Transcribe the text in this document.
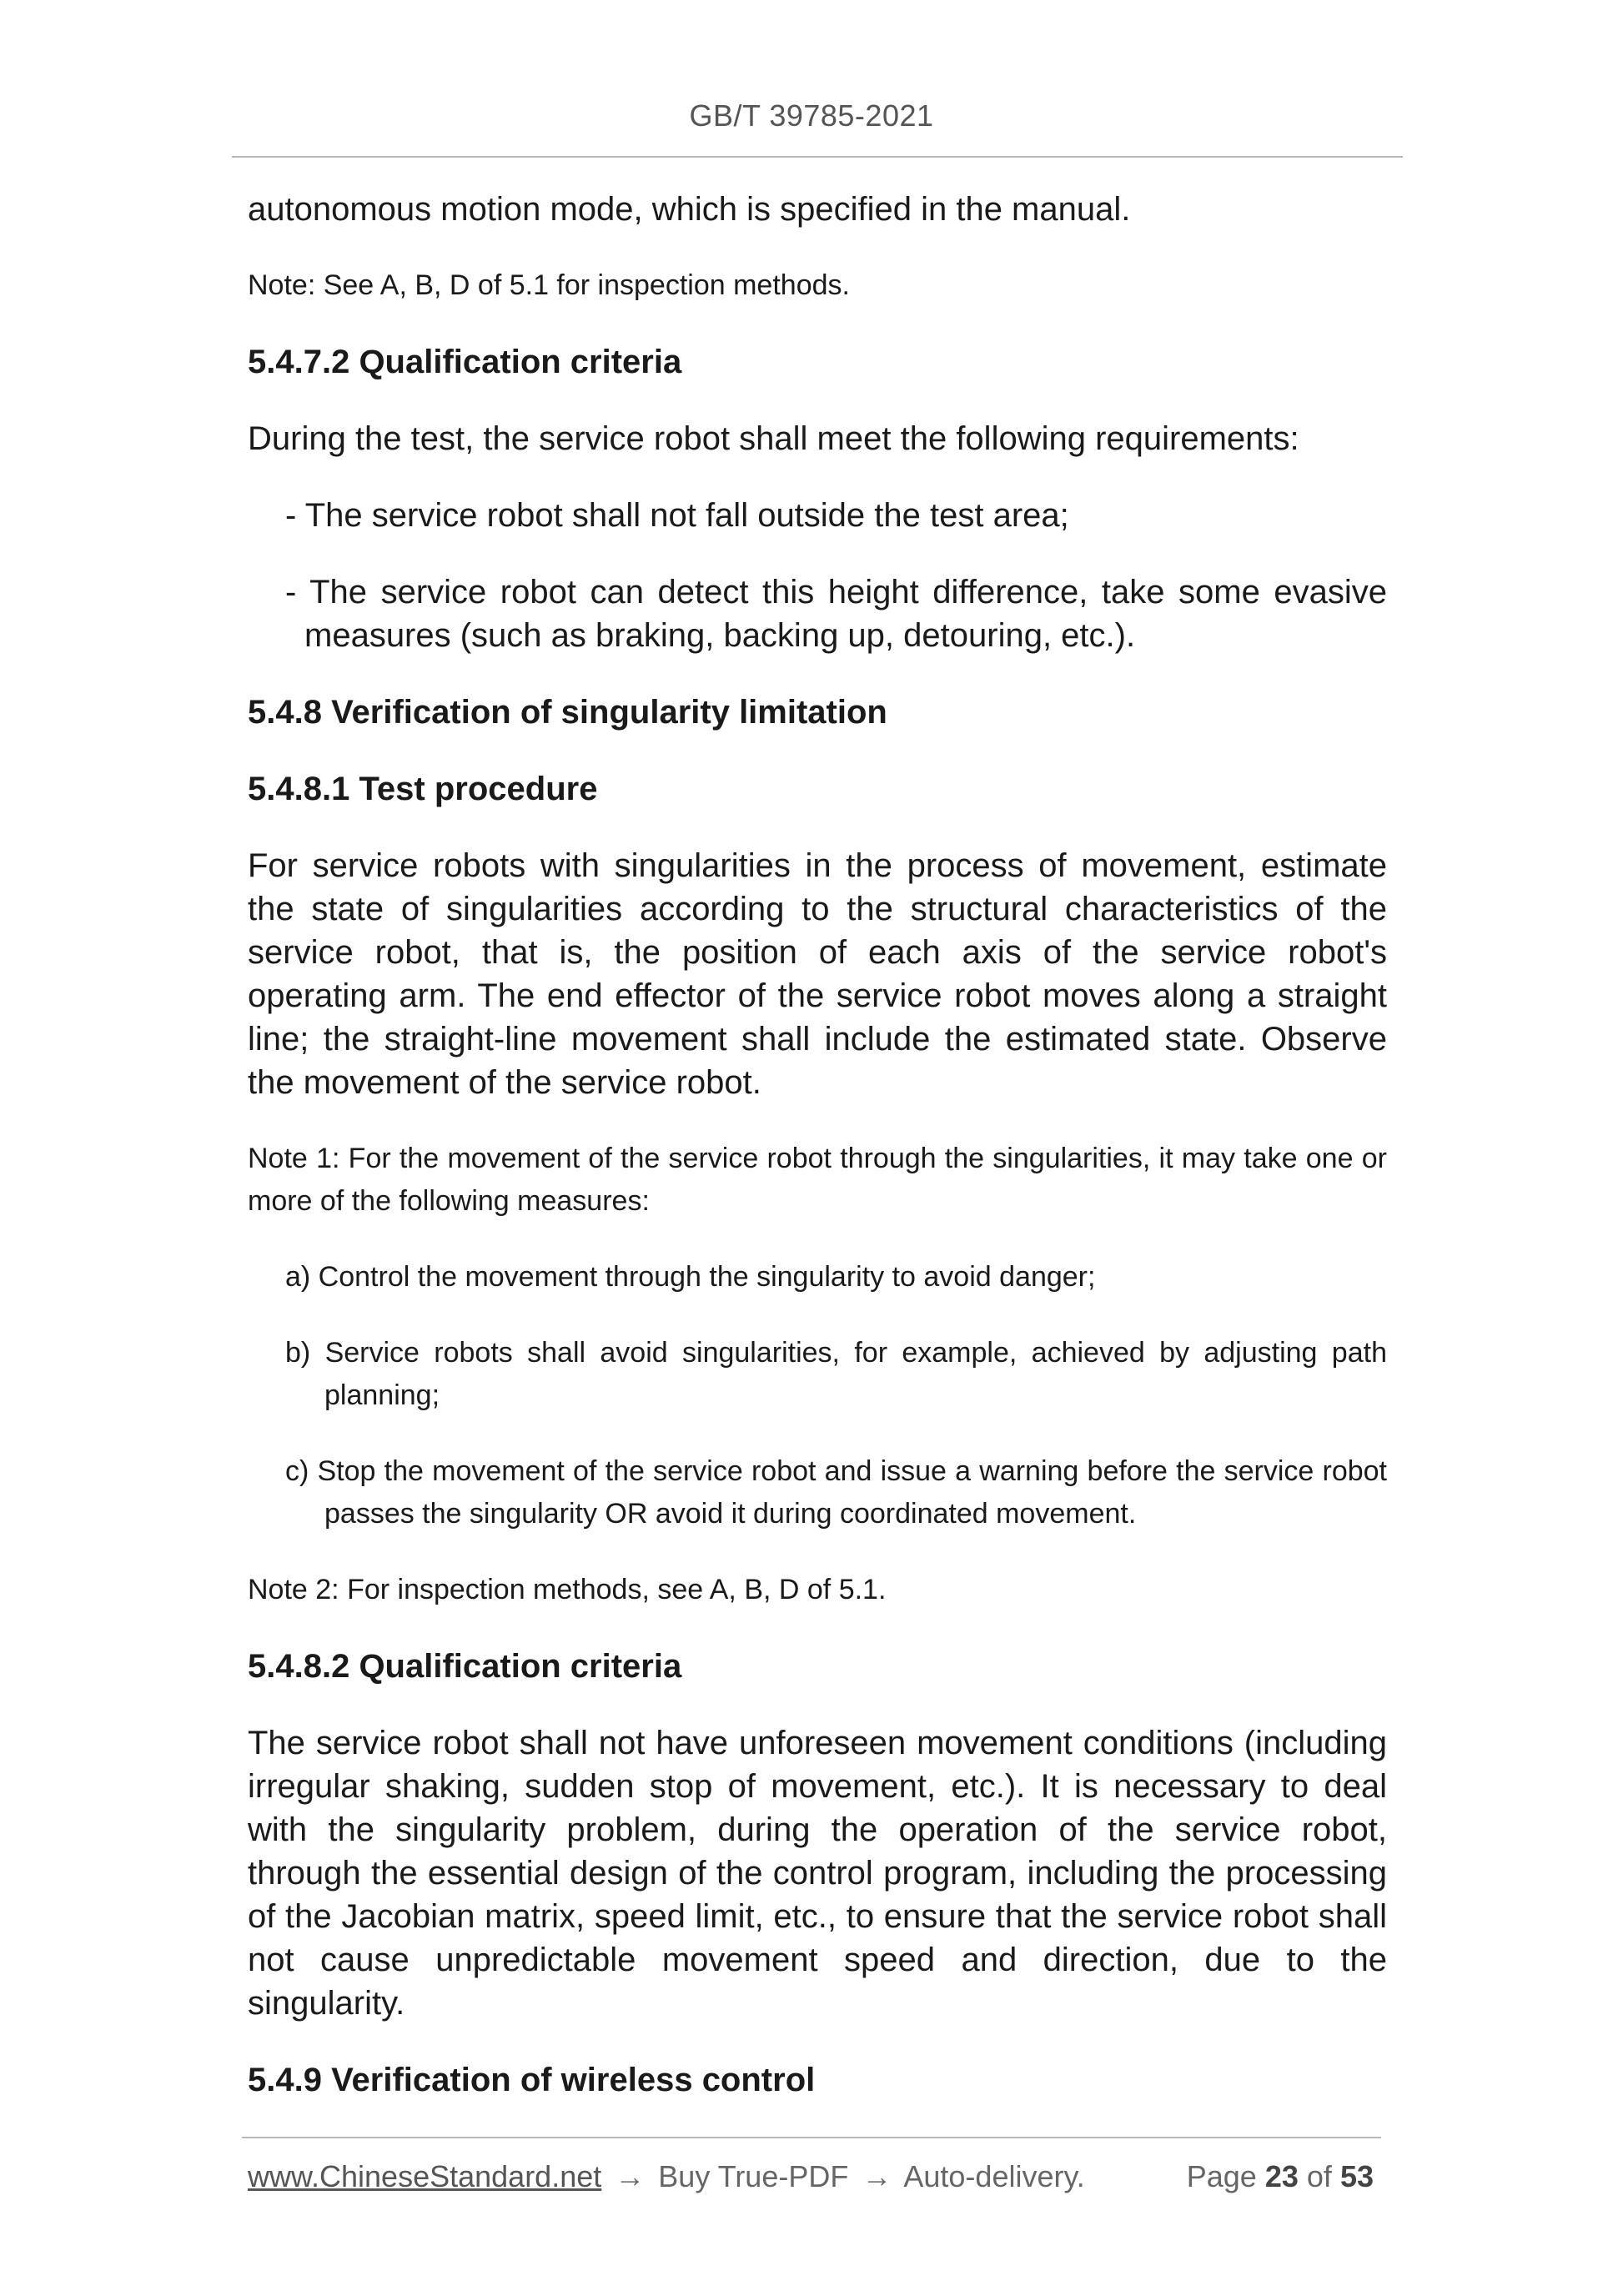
GB/T 39785-2021

autonomous motion mode, which is specified in the manual.

Note: See A, B, D of 5.1 for inspection methods.

5.4.7.2 Qualification criteria

During the test, the service robot shall meet the following requirements:

- The service robot shall not fall outside the test area;

- The service robot can detect this height difference, take some evasive measures (such as braking, backing up, detouring, etc.).

5.4.8 Verification of singularity limitation

5.4.8.1 Test procedure

For service robots with singularities in the process of movement, estimate the state of singularities according to the structural characteristics of the service robot, that is, the position of each axis of the service robot's operating arm. The end effector of the service robot moves along a straight line; the straight-line movement shall include the estimated state. Observe the movement of the service robot.

Note 1: For the movement of the service robot through the singularities, it may take one or more of the following measures:

a) Control the movement through the singularity to avoid danger;

b) Service robots shall avoid singularities, for example, achieved by adjusting path planning;

c) Stop the movement of the service robot and issue a warning before the service robot passes the singularity OR avoid it during coordinated movement.

Note 2: For inspection methods, see A, B, D of 5.1.

5.4.8.2 Qualification criteria

The service robot shall not have unforeseen movement conditions (including irregular shaking, sudden stop of movement, etc.). It is necessary to deal with the singularity problem, during the operation of the service robot, through the essential design of the control program, including the processing of the Jacobian matrix, speed limit, etc., to ensure that the service robot shall not cause unpredictable movement speed and direction, due to the singularity.

5.4.9 Verification of wireless control

www.ChineseStandard.net → Buy True-PDF → Auto-delivery.	Page 23 of 53
